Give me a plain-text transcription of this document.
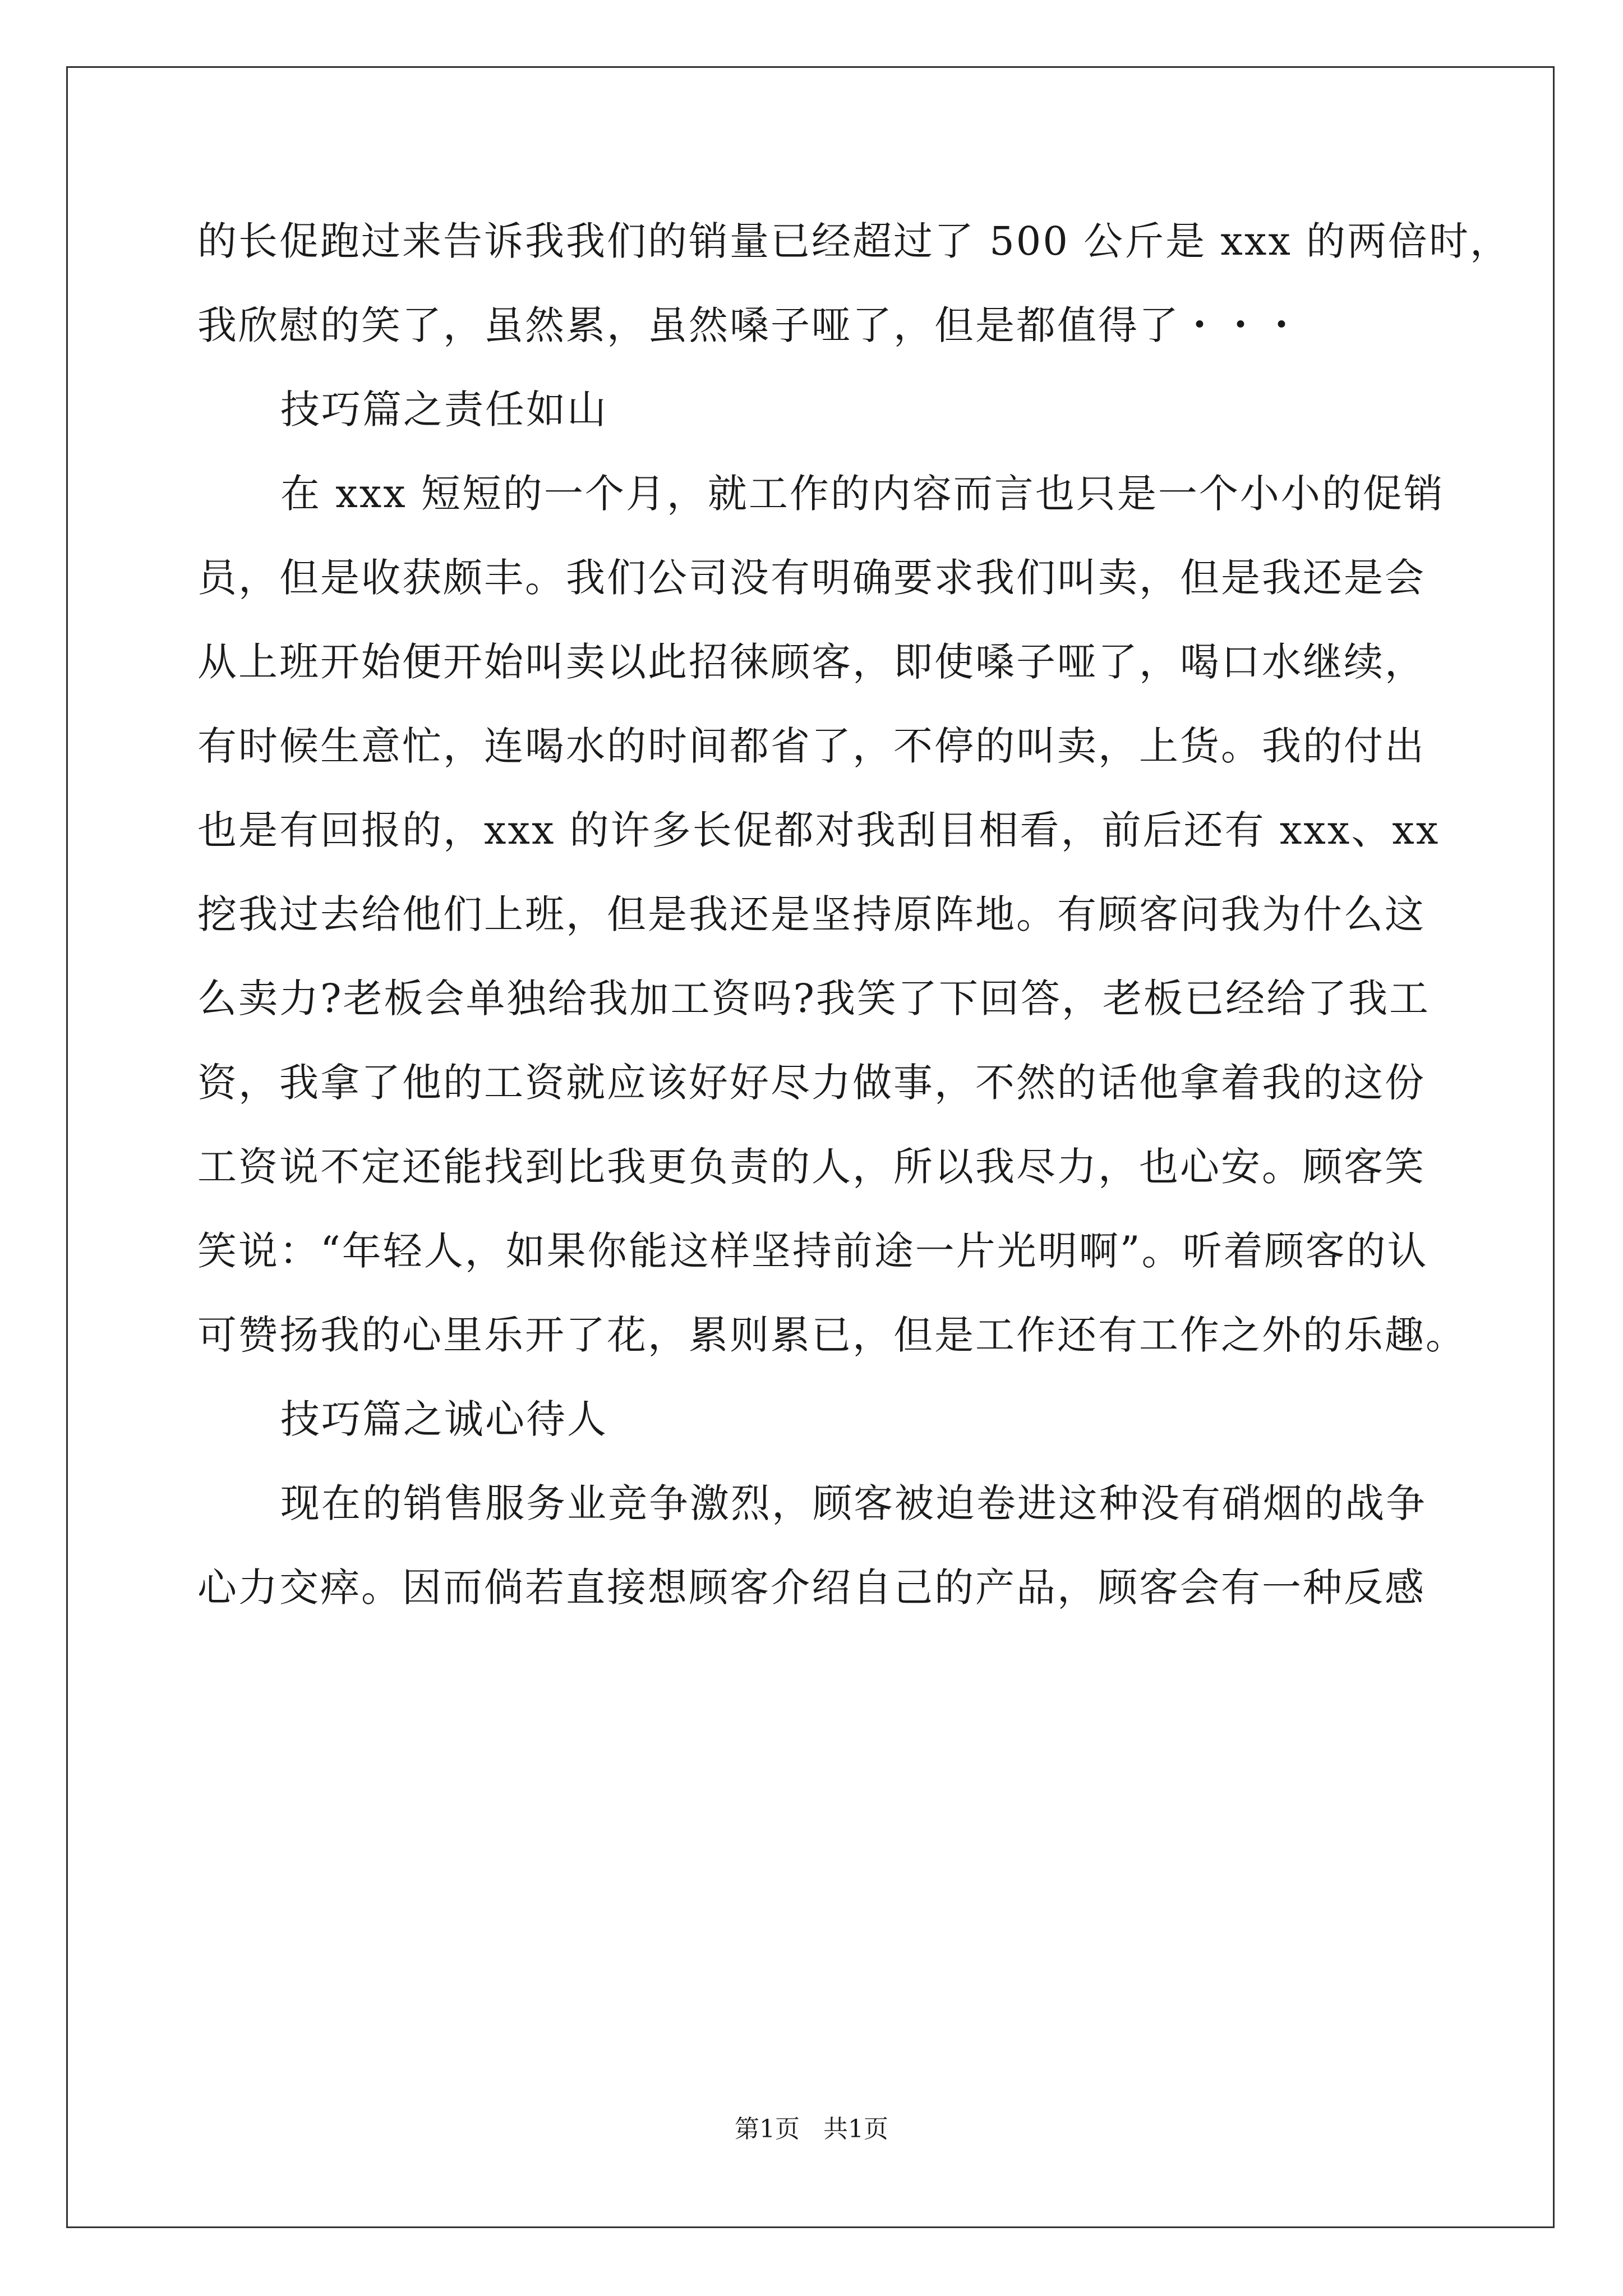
的长促跑过来告诉我我们的销量已经超过了 500 公斤是 xxx 的两倍时，
我欣慰的笑了，虽然累，虽然嗓子哑了，但是都值得了・・・
技巧篇之责任如山
在 xxx 短短的一个月，就工作的内容而言也只是一个小小的促销
员，但是收获颇丰。我们公司没有明确要求我们叫卖，但是我还是会
从上班开始便开始叫卖以此招徕顾客，即使嗓子哑了，喝口水继续，
有时候生意忙，连喝水的时间都省了，不停的叫卖，上货。我的付出
也是有回报的，xxx 的许多长促都对我刮目相看，前后还有 xxx、xx
挖我过去给他们上班，但是我还是坚持原阵地。有顾客问我为什么这
么卖力?老板会单独给我加工资吗?我笑了下回答，老板已经给了我工
资，我拿了他的工资就应该好好尽力做事，不然的话他拿着我的这份
工资说不定还能找到比我更负责的人，所以我尽力，也心安。顾客笑
笑说：“年轻人，如果你能这样坚持前途一片光明啊”。听着顾客的认
可赞扬我的心里乐开了花，累则累已，但是工作还有工作之外的乐趣。
技巧篇之诚心待人
现在的销售服务业竞争激烈，顾客被迫卷进这种没有硝烟的战争
心力交瘁。因而倘若直接想顾客介绍自己的产品，顾客会有一种反感
第1页   共1页
